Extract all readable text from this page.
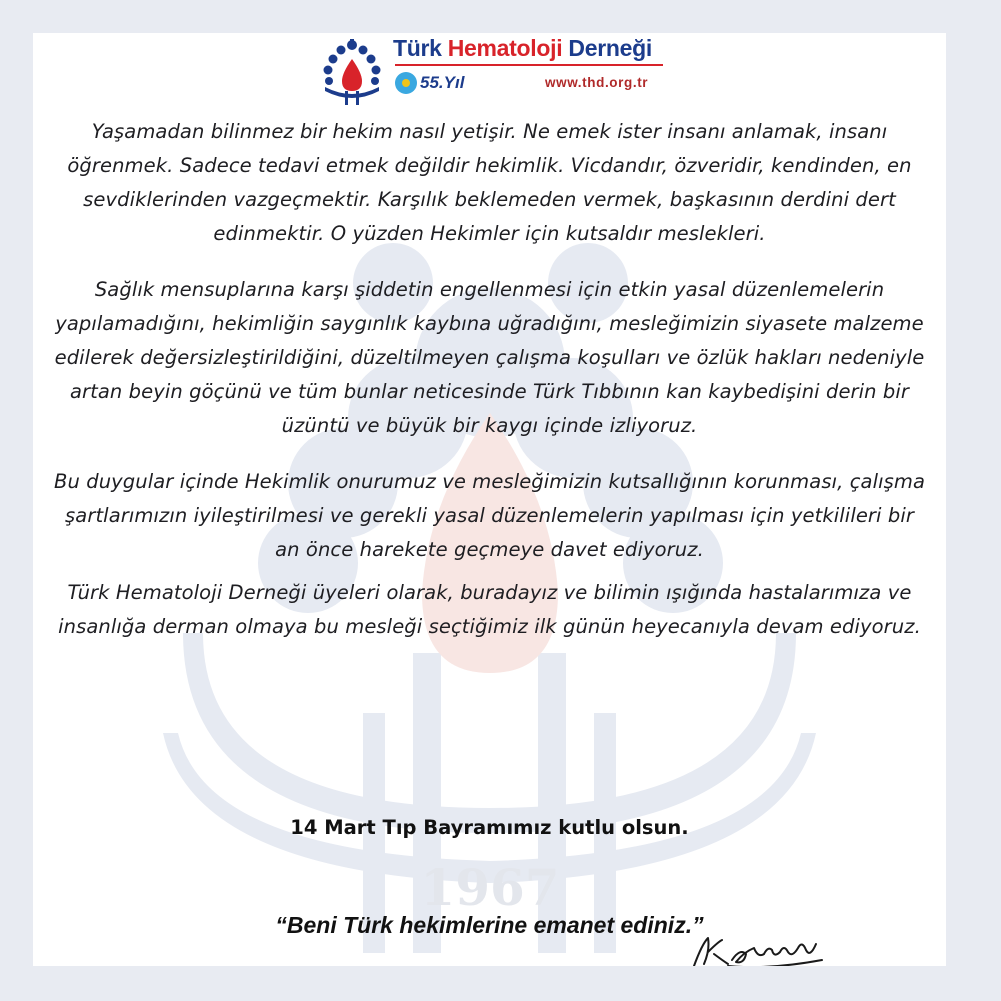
1967
Türk Hematoloji Derneği
55.Yıl	www.thd.org.tr

Yaşamadan bilinmez bir hekim nasıl yetişir. Ne emek ister insanı anlamak, insanı öğrenmek. Sadece tedavi etmek değildir hekimlik. Vicdandır, özveridir, kendinden, en sevdiklerinden vazgeçmektir. Karşılık beklemeden vermek, başkasının derdini dert edinmektir. O yüzden Hekimler için kutsaldır meslekleri.

Sağlık mensuplarına karşı şiddetin engellenmesi için etkin yasal düzenlemelerin yapılamadığını, hekimliğin saygınlık kaybına uğradığını, mesleğimizin siyasete malzeme edilerek değersizleştirildiğini, düzeltilmeyen çalışma koşulları ve özlük hakları nedeniyle artan beyin göçünü ve tüm bunlar neticesinde Türk Tıbbının kan kaybedişini derin bir üzüntü ve büyük bir kaygı içinde izliyoruz.

Bu duygular içinde Hekimlik onurumuz ve mesleğimizin kutsallığının korunması, çalışma şartlarımızın iyileştirilmesi ve gerekli yasal düzenlemelerin yapılması için yetkilileri bir an önce harekete geçmeye davet ediyoruz.

Türk Hematoloji Derneği üyeleri olarak, buradayız ve bilimin ışığında hastalarımıza ve insanlığa derman olmaya bu mesleği seçtiğimiz ilk günün heyecanıyla devam ediyoruz.

14 Mart Tıp Bayramımız kutlu olsun.
“Beni Türk hekimlerine emanet ediniz.”
